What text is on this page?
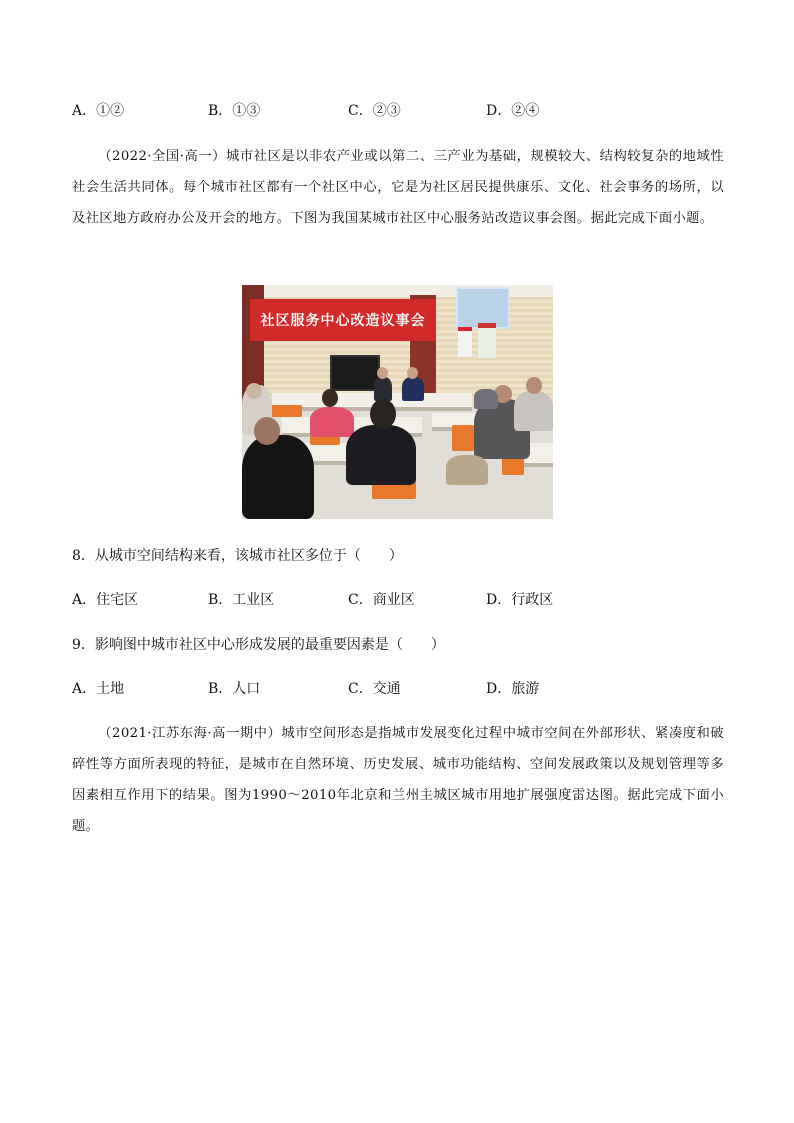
A．①②	B．①③	C．②③	D．②④
（2022·全国·高一）城市社区是以非农产业或以第二、三产业为基础，规模较大、结构较复杂的地域性社会生活共同体。每个城市社区都有一个社区中心，它是为社区居民提供康乐、文化、社会事务的场所，以及社区地方政府办公及开会的地方。下图为我国某城市社区中心服务站改造议事会图。据此完成下面小题。
社区服务中心改造议事会
8．从城市空间结构来看，该城市社区多位于（　　）
A．住宅区	B．工业区	C．商业区	D．行政区
9．影响图中城市社区中心形成发展的最重要因素是（　　）
A．土地	B．人口	C．交通	D．旅游
（2021·江苏东海·高一期中）城市空间形态是指城市发展变化过程中城市空间在外部形状、紧凑度和破碎性等方面所表现的特征，是城市在自然环境、历史发展、城市功能结构、空间发展政策以及规划管理等多因素相互作用下的结果。图为1990～2010年北京和兰州主城区城市用地扩展强度雷达图。据此完成下面小题。
